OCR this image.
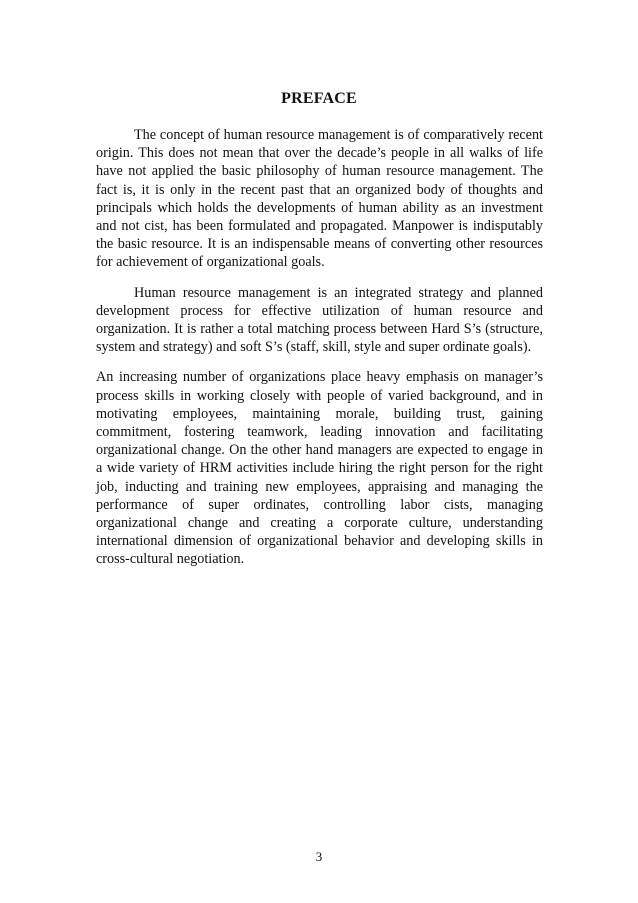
PREFACE

The concept of human resource management is of comparatively recent origin. This does not mean that over the decade’s people in all walks of life have not applied the basic philosophy of human resource management. The fact is, it is only in the recent past that an organized body of thoughts and principals which holds the developments of human ability as an investment and not cist, has been formulated and propagated. Manpower is indisputably the basic resource. It is an indispensable means of converting other resources for achievement of organizational goals.

Human resource management is an integrated strategy and planned development process for effective utilization of human resource and organization. It is rather a total matching process between Hard S’s (structure, system and strategy) and soft S’s (staff, skill, style and super ordinate goals).

An increasing number of organizations place heavy emphasis on manager’s process skills in working closely with people of varied background, and in motivating employees, maintaining morale, building trust, gaining commitment, fostering teamwork, leading innovation and facilitating organizational change. On the other hand managers are expected to engage in a wide variety of HRM activities include hiring the right person for the right job, inducting and training new employees, appraising and managing the performance of super ordinates, controlling labor cists, managing organizational change and creating a corporate culture, understanding international dimension of organizational behavior and developing skills in cross-cultural negotiation.

3
